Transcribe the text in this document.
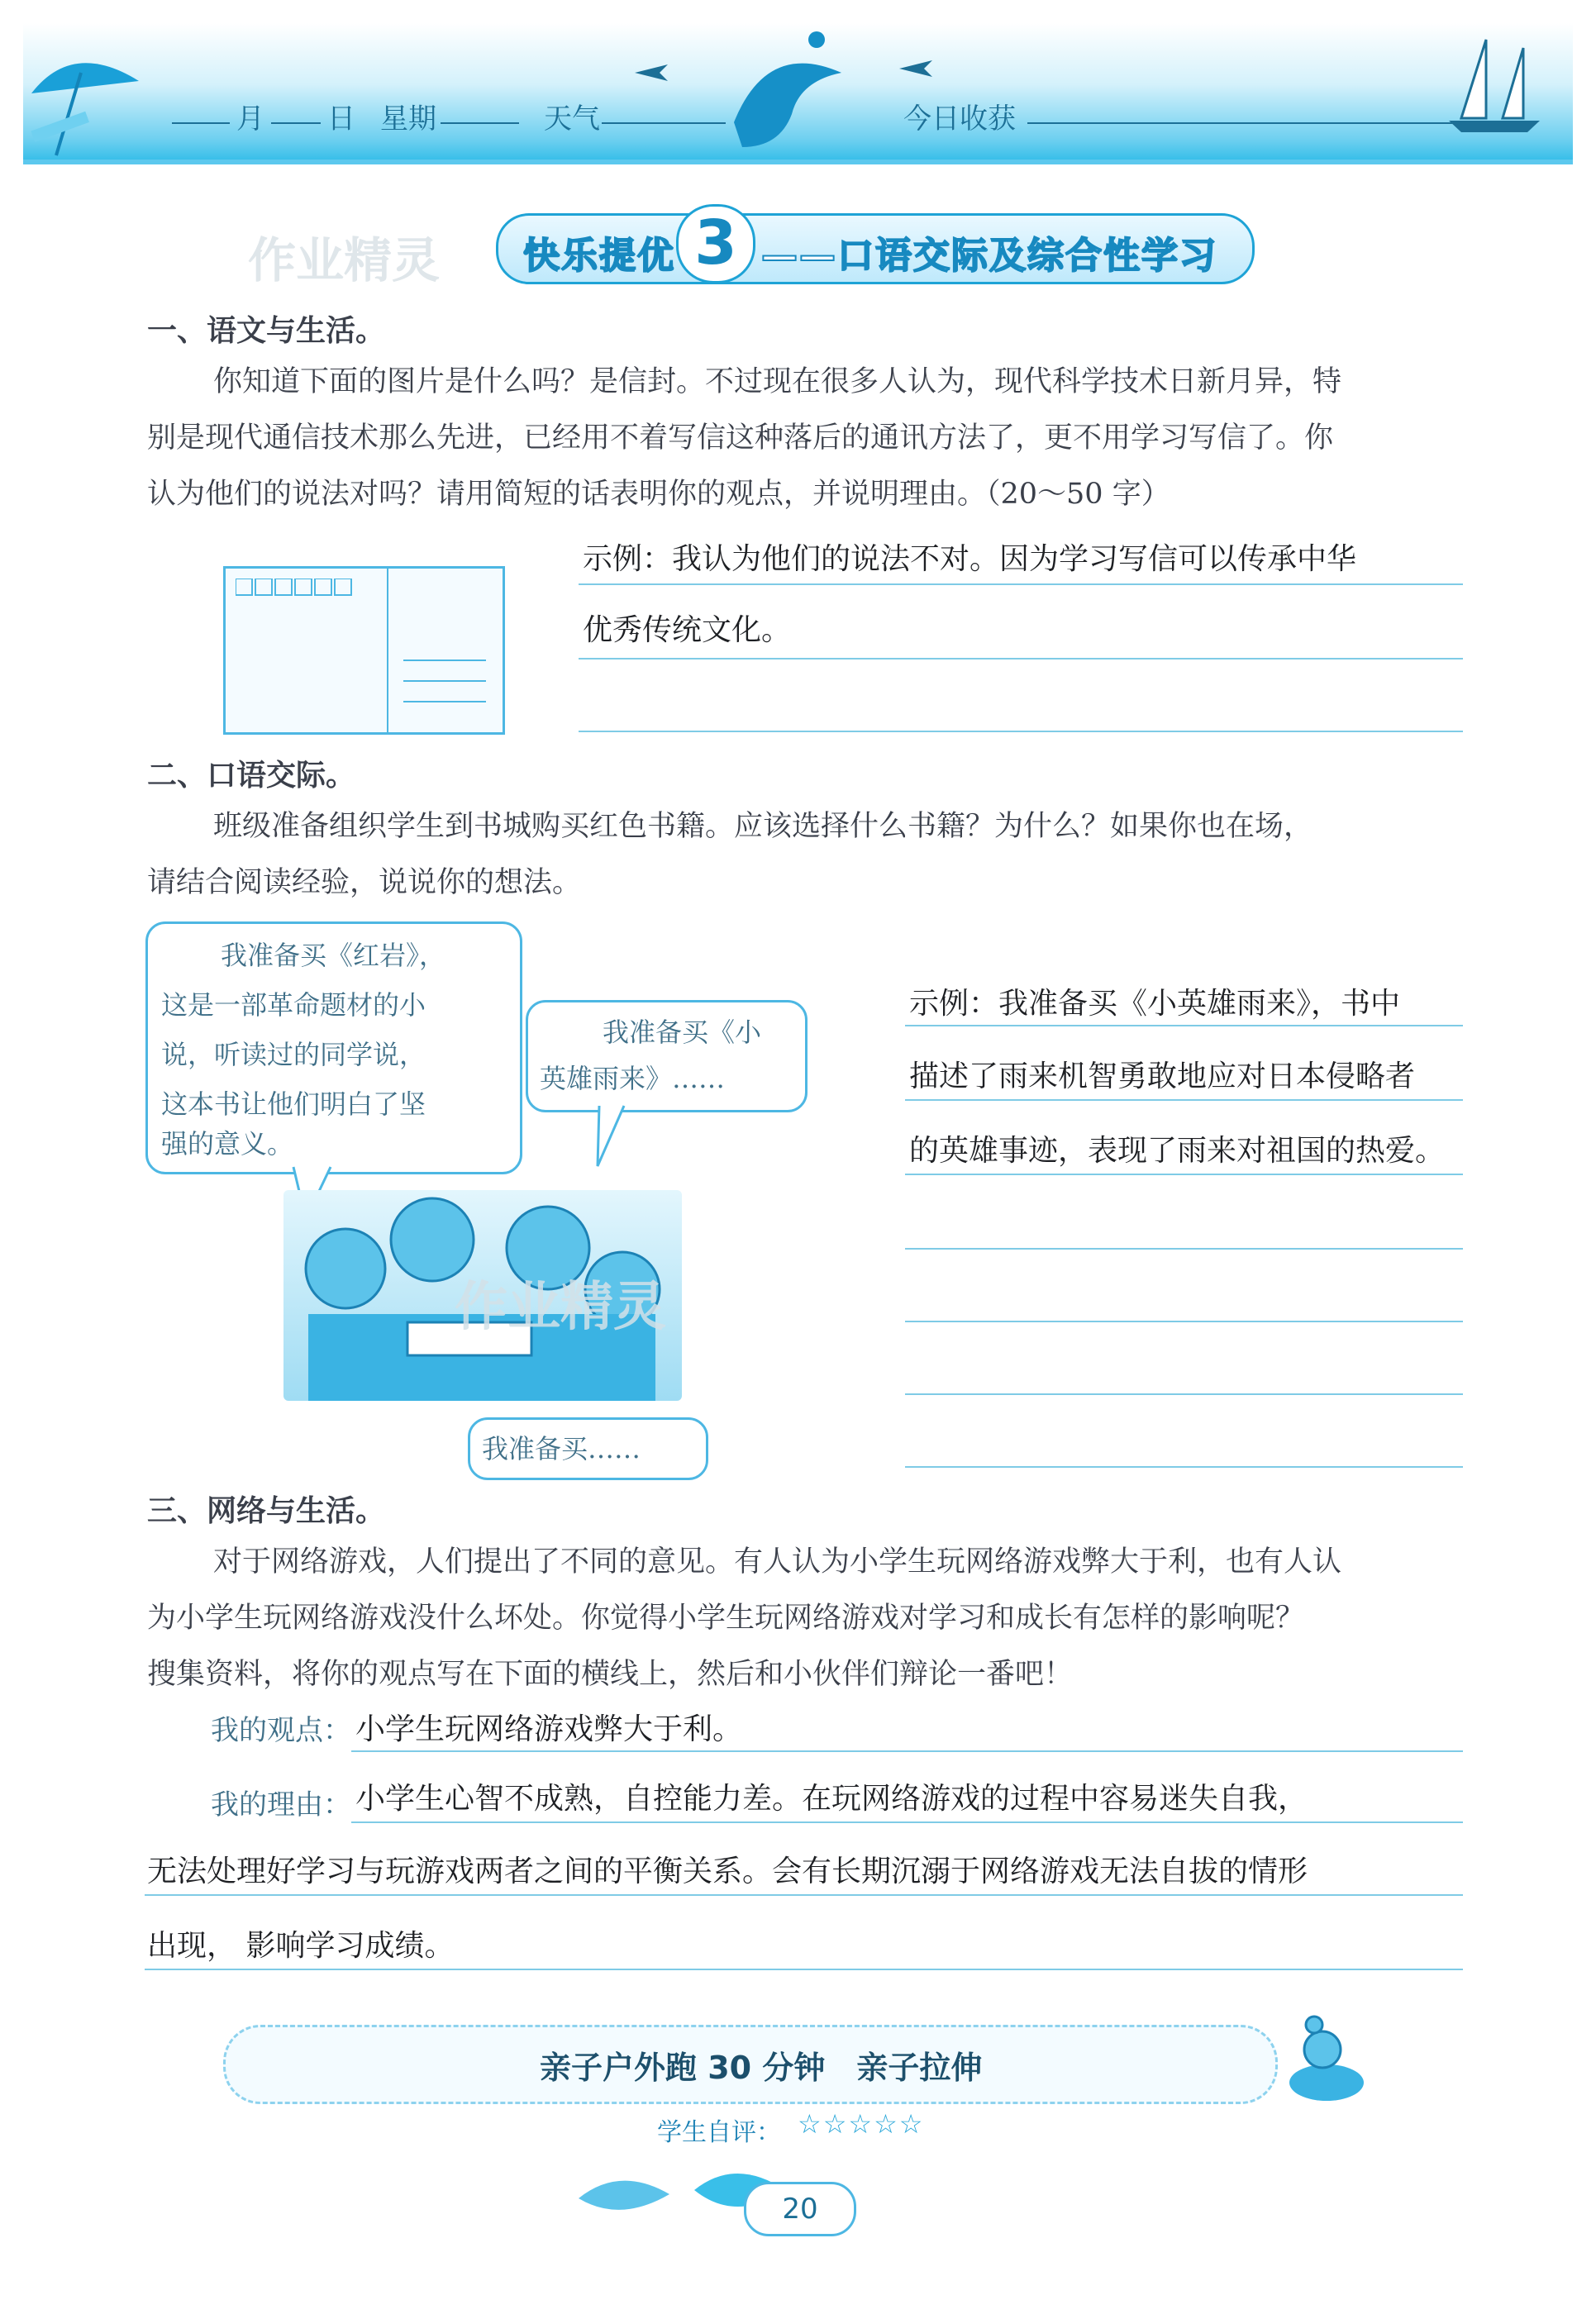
月 日 星期	天气	今日收获
作业精灵 快乐提优 3 ——口语交际及综合性学习
一、语文与生活。
你知道下面的图片是什么吗？是信封。不过现在很多人认为，现代科学技术日新月异，特
别是现代通信技术那么先进，已经用不着写信这种落后的通讯方法了，更不用学习写信了。你
认为他们的说法对吗？请用简短的话表明你的观点，并说明理由。（20～50 字）
示例：我认为他们的说法不对。因为学习写信可以传承中华
优秀传统文化。
二、口语交际。
班级准备组织学生到书城购买红色书籍。应该选择什么书籍？为什么？如果你也在场，
请结合阅读经验，说说你的想法。
我准备买《红岩》，
这是一部革命题材的小
说，听读过的同学说，
这本书让他们明白了坚
强的意义。
我准备买《小
英雄雨来》……
作业精灵
我准备买……
示例：我准备买《小英雄雨来》，书中
描述了雨来机智勇敢地应对日本侵略者
的英雄事迹，表现了雨来对祖国的热爱。
三、网络与生活。
对于网络游戏，人们提出了不同的意见。有人认为小学生玩网络游戏弊大于利，也有人认
为小学生玩网络游戏没什么坏处。你觉得小学生玩网络游戏对学习和成长有怎样的影响呢？
搜集资料，将你的观点写在下面的横线上，然后和小伙伴们辩论一番吧！
我的观点： 小学生玩网络游戏弊大于利。
我的理由： 小学生心智不成熟，自控能力差。在玩网络游戏的过程中容易迷失自我，
无法处理好学习与玩游戏两者之间的平衡关系。会有长期沉溺于网络游戏无法自拔的情形
出现， 影响学习成绩。
亲子户外跑 30 分钟　亲子拉伸
学生自评： ☆☆☆☆☆
20
